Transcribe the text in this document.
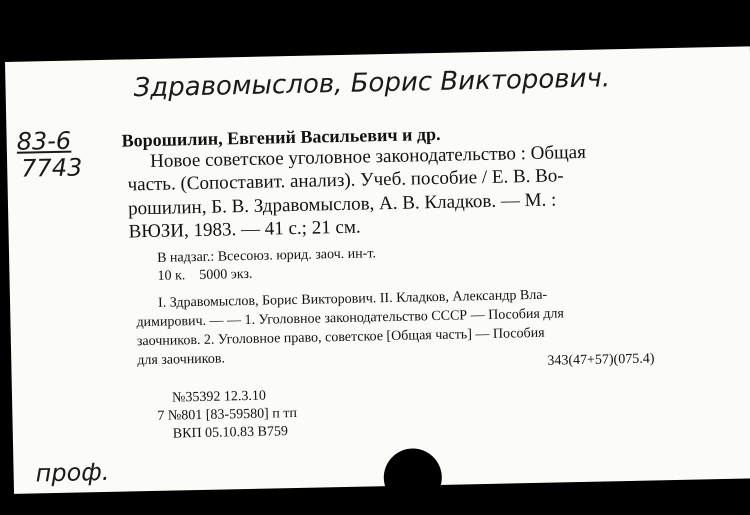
Здравомыслов, Борис Викторович.
83-6
7743
Ворошилин, Евгений Васильевич и др.
Новое советское уголовное законодательство : Общая
часть. (Сопоставит. анализ). Учеб. пособие / Е. В. Во-
рошилин, Б. В. Здравомыслов, А. В. Кладков. — М. :
ВЮЗИ, 1983. — 41 с.; 21 см.
В надзаг.: Всесоюз. юрид. заоч. ин-т.
10 к.    5000 экз.
I. Здравомыслов, Борис Викторович. II. Кладков, Александр Вла-
димирович. — — 1. Уголовное законодательство СССР — Пособия для
заочников. 2. Уголовное право, советское [Общая часть] — Пособия
для заочников.	343(47+57)(075.4)
№35392 12.3.10
7 №801 [83-59580] п тп
ВКП 05.10.83 В759
проф.
